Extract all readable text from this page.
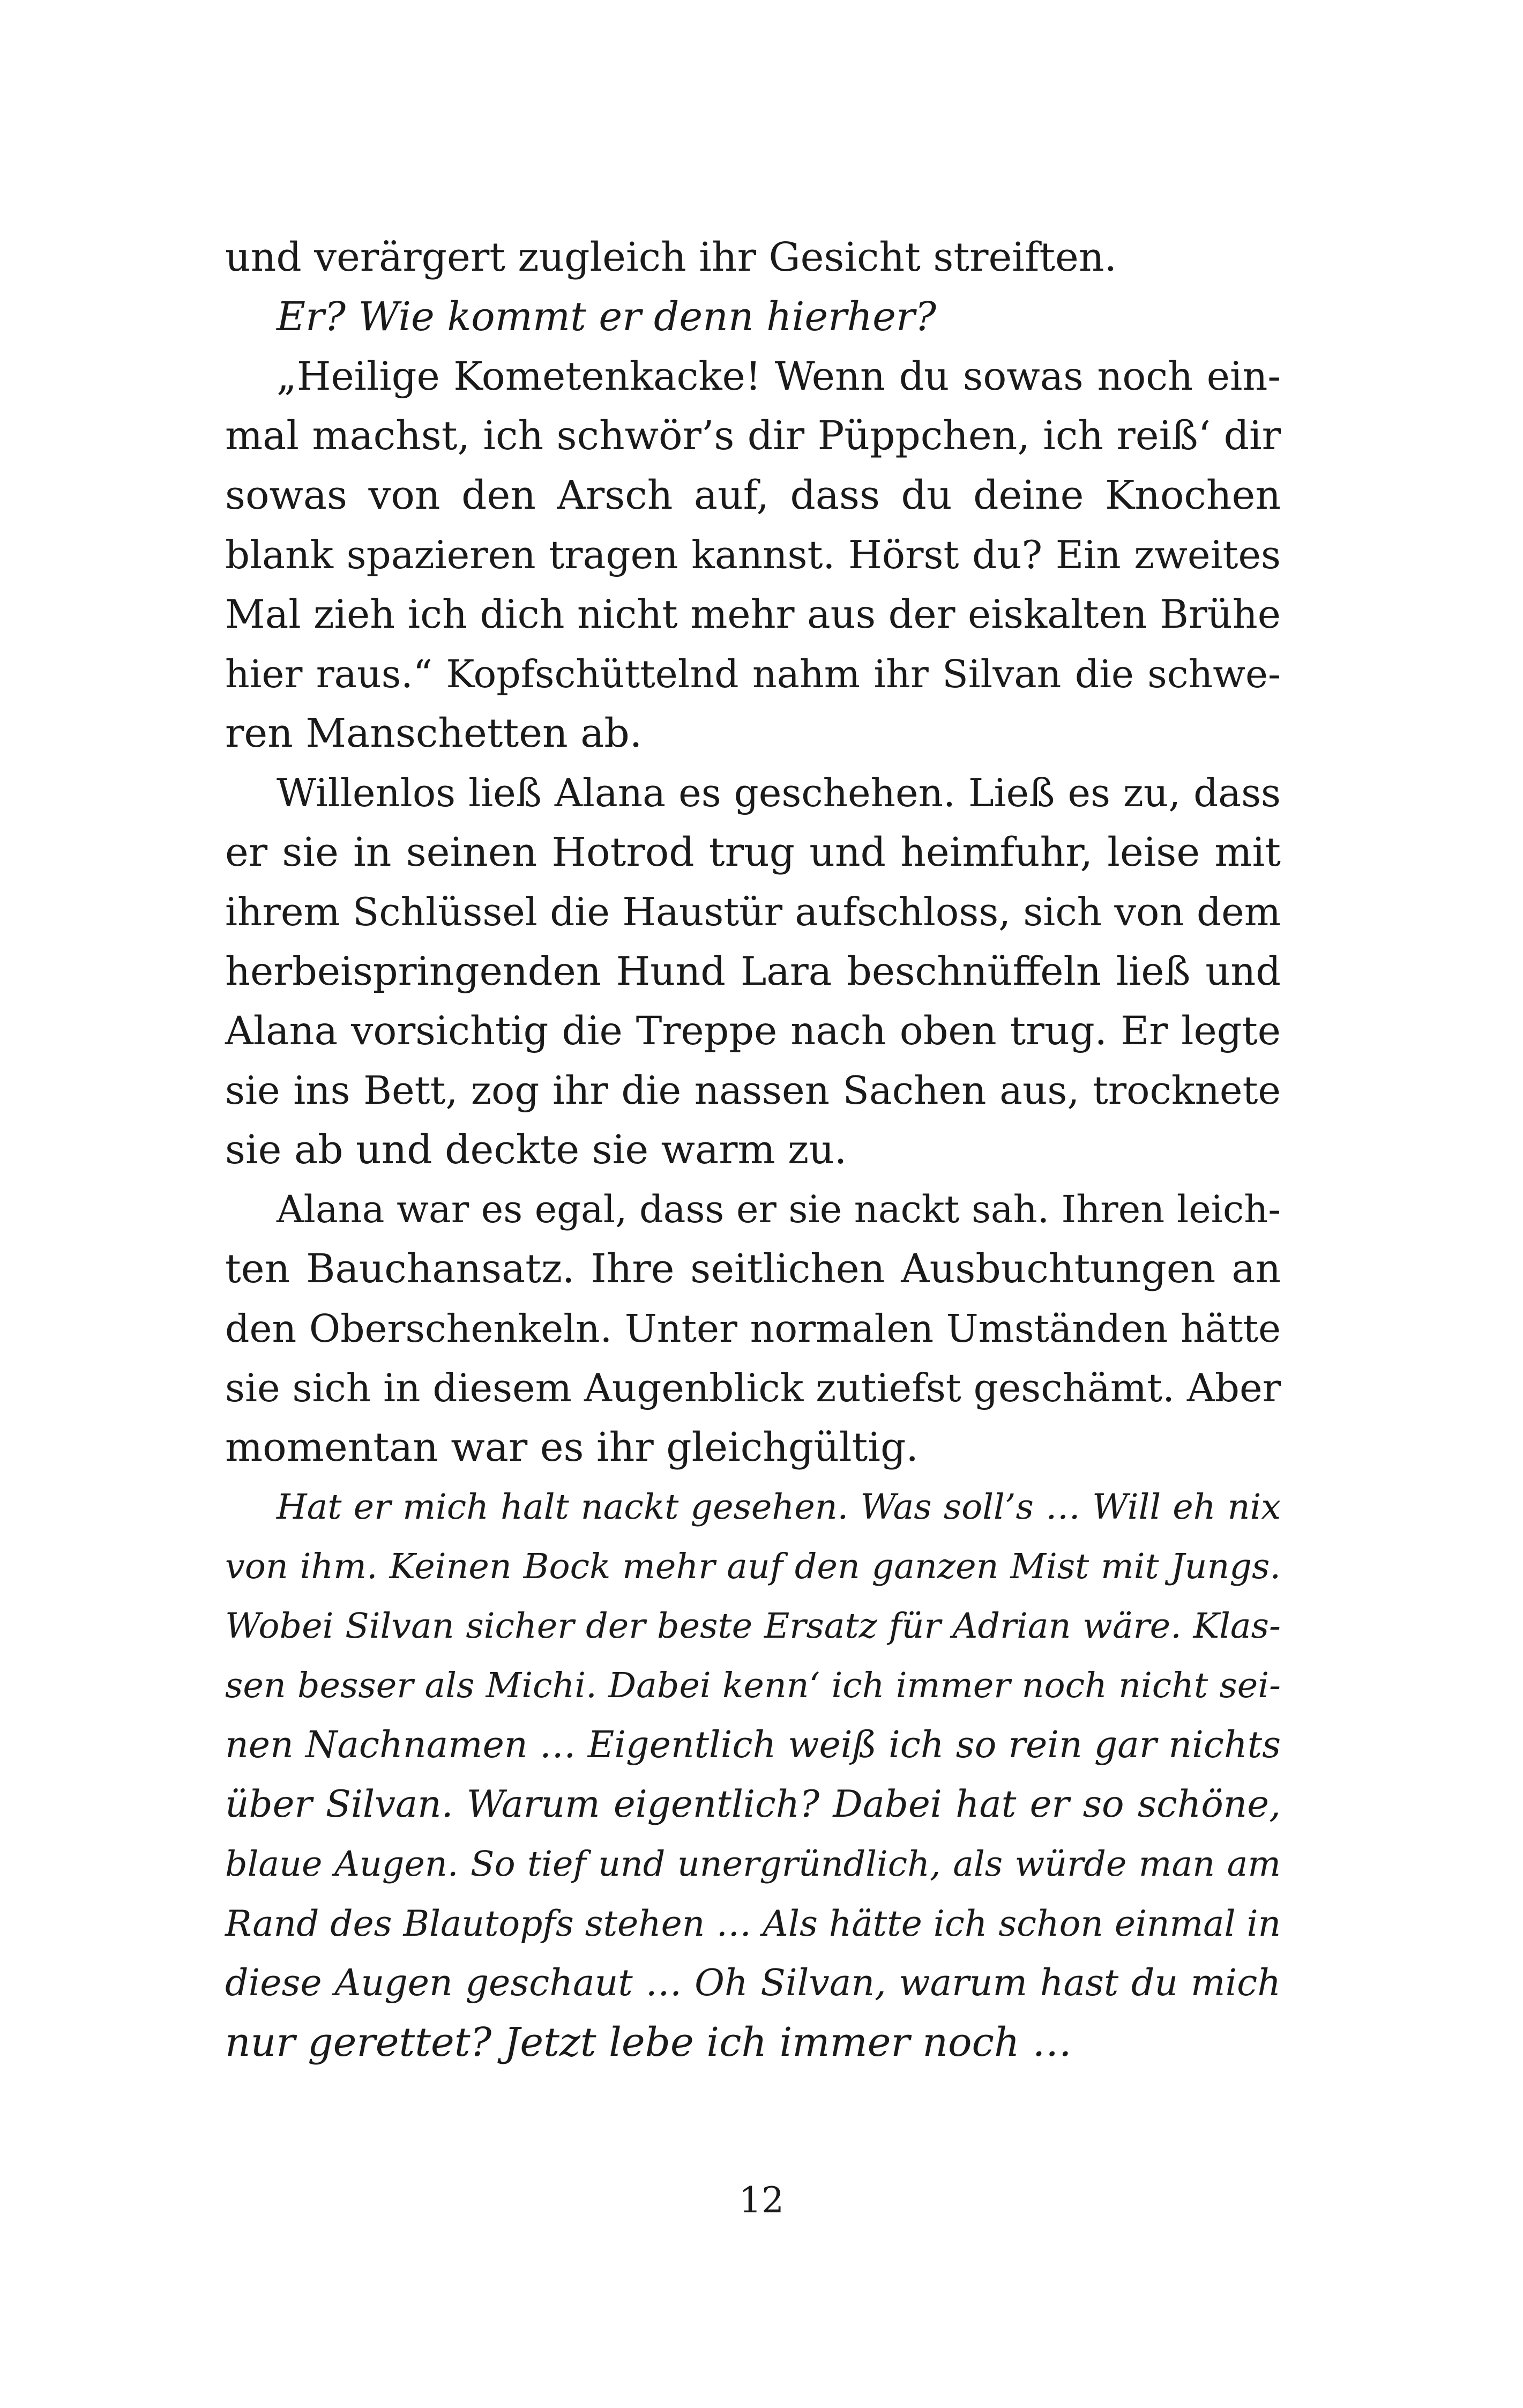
und verärgert zugleich ihr Gesicht streiften.
Er? Wie kommt er denn hierher?
„Heilige Kometenkacke! Wenn du sowas noch ein-
mal machst, ich schwör’s dir Püppchen, ich reiß‘ dir
sowas von den Arsch auf, dass du deine Knochen
blank spazieren tragen kannst. Hörst du? Ein zweites
Mal zieh ich dich nicht mehr aus der eiskalten Brühe
hier raus.“ Kopfschüttelnd nahm ihr Silvan die schwe-
ren Manschetten ab.
Willenlos ließ Alana es geschehen. Ließ es zu, dass
er sie in seinen Hotrod trug und heimfuhr, leise mit
ihrem Schlüssel die Haustür aufschloss, sich von dem
herbeispringenden Hund Lara beschnüffeln ließ und
Alana vorsichtig die Treppe nach oben trug. Er legte
sie ins Bett, zog ihr die nassen Sachen aus, trocknete
sie ab und deckte sie warm zu.
Alana war es egal, dass er sie nackt sah. Ihren leich-
ten Bauchansatz. Ihre seitlichen Ausbuchtungen an
den Oberschenkeln. Unter normalen Umständen hätte
sie sich in diesem Augenblick zutiefst geschämt. Aber
momentan war es ihr gleichgültig.
Hat er mich halt nackt gesehen. Was soll’s … Will eh nix
von ihm. Keinen Bock mehr auf den ganzen Mist mit Jungs.
Wobei Silvan sicher der beste Ersatz für Adrian wäre. Klas-
sen besser als Michi. Dabei kenn‘ ich immer noch nicht sei-
nen Nachnamen … Eigentlich weiß ich so rein gar nichts
über Silvan. Warum eigentlich? Dabei hat er so schöne,
blaue Augen. So tief und unergründlich, als würde man am
Rand des Blautopfs stehen … Als hätte ich schon einmal in
diese Augen geschaut … Oh Silvan, warum hast du mich
nur gerettet? Jetzt lebe ich immer noch …
12
